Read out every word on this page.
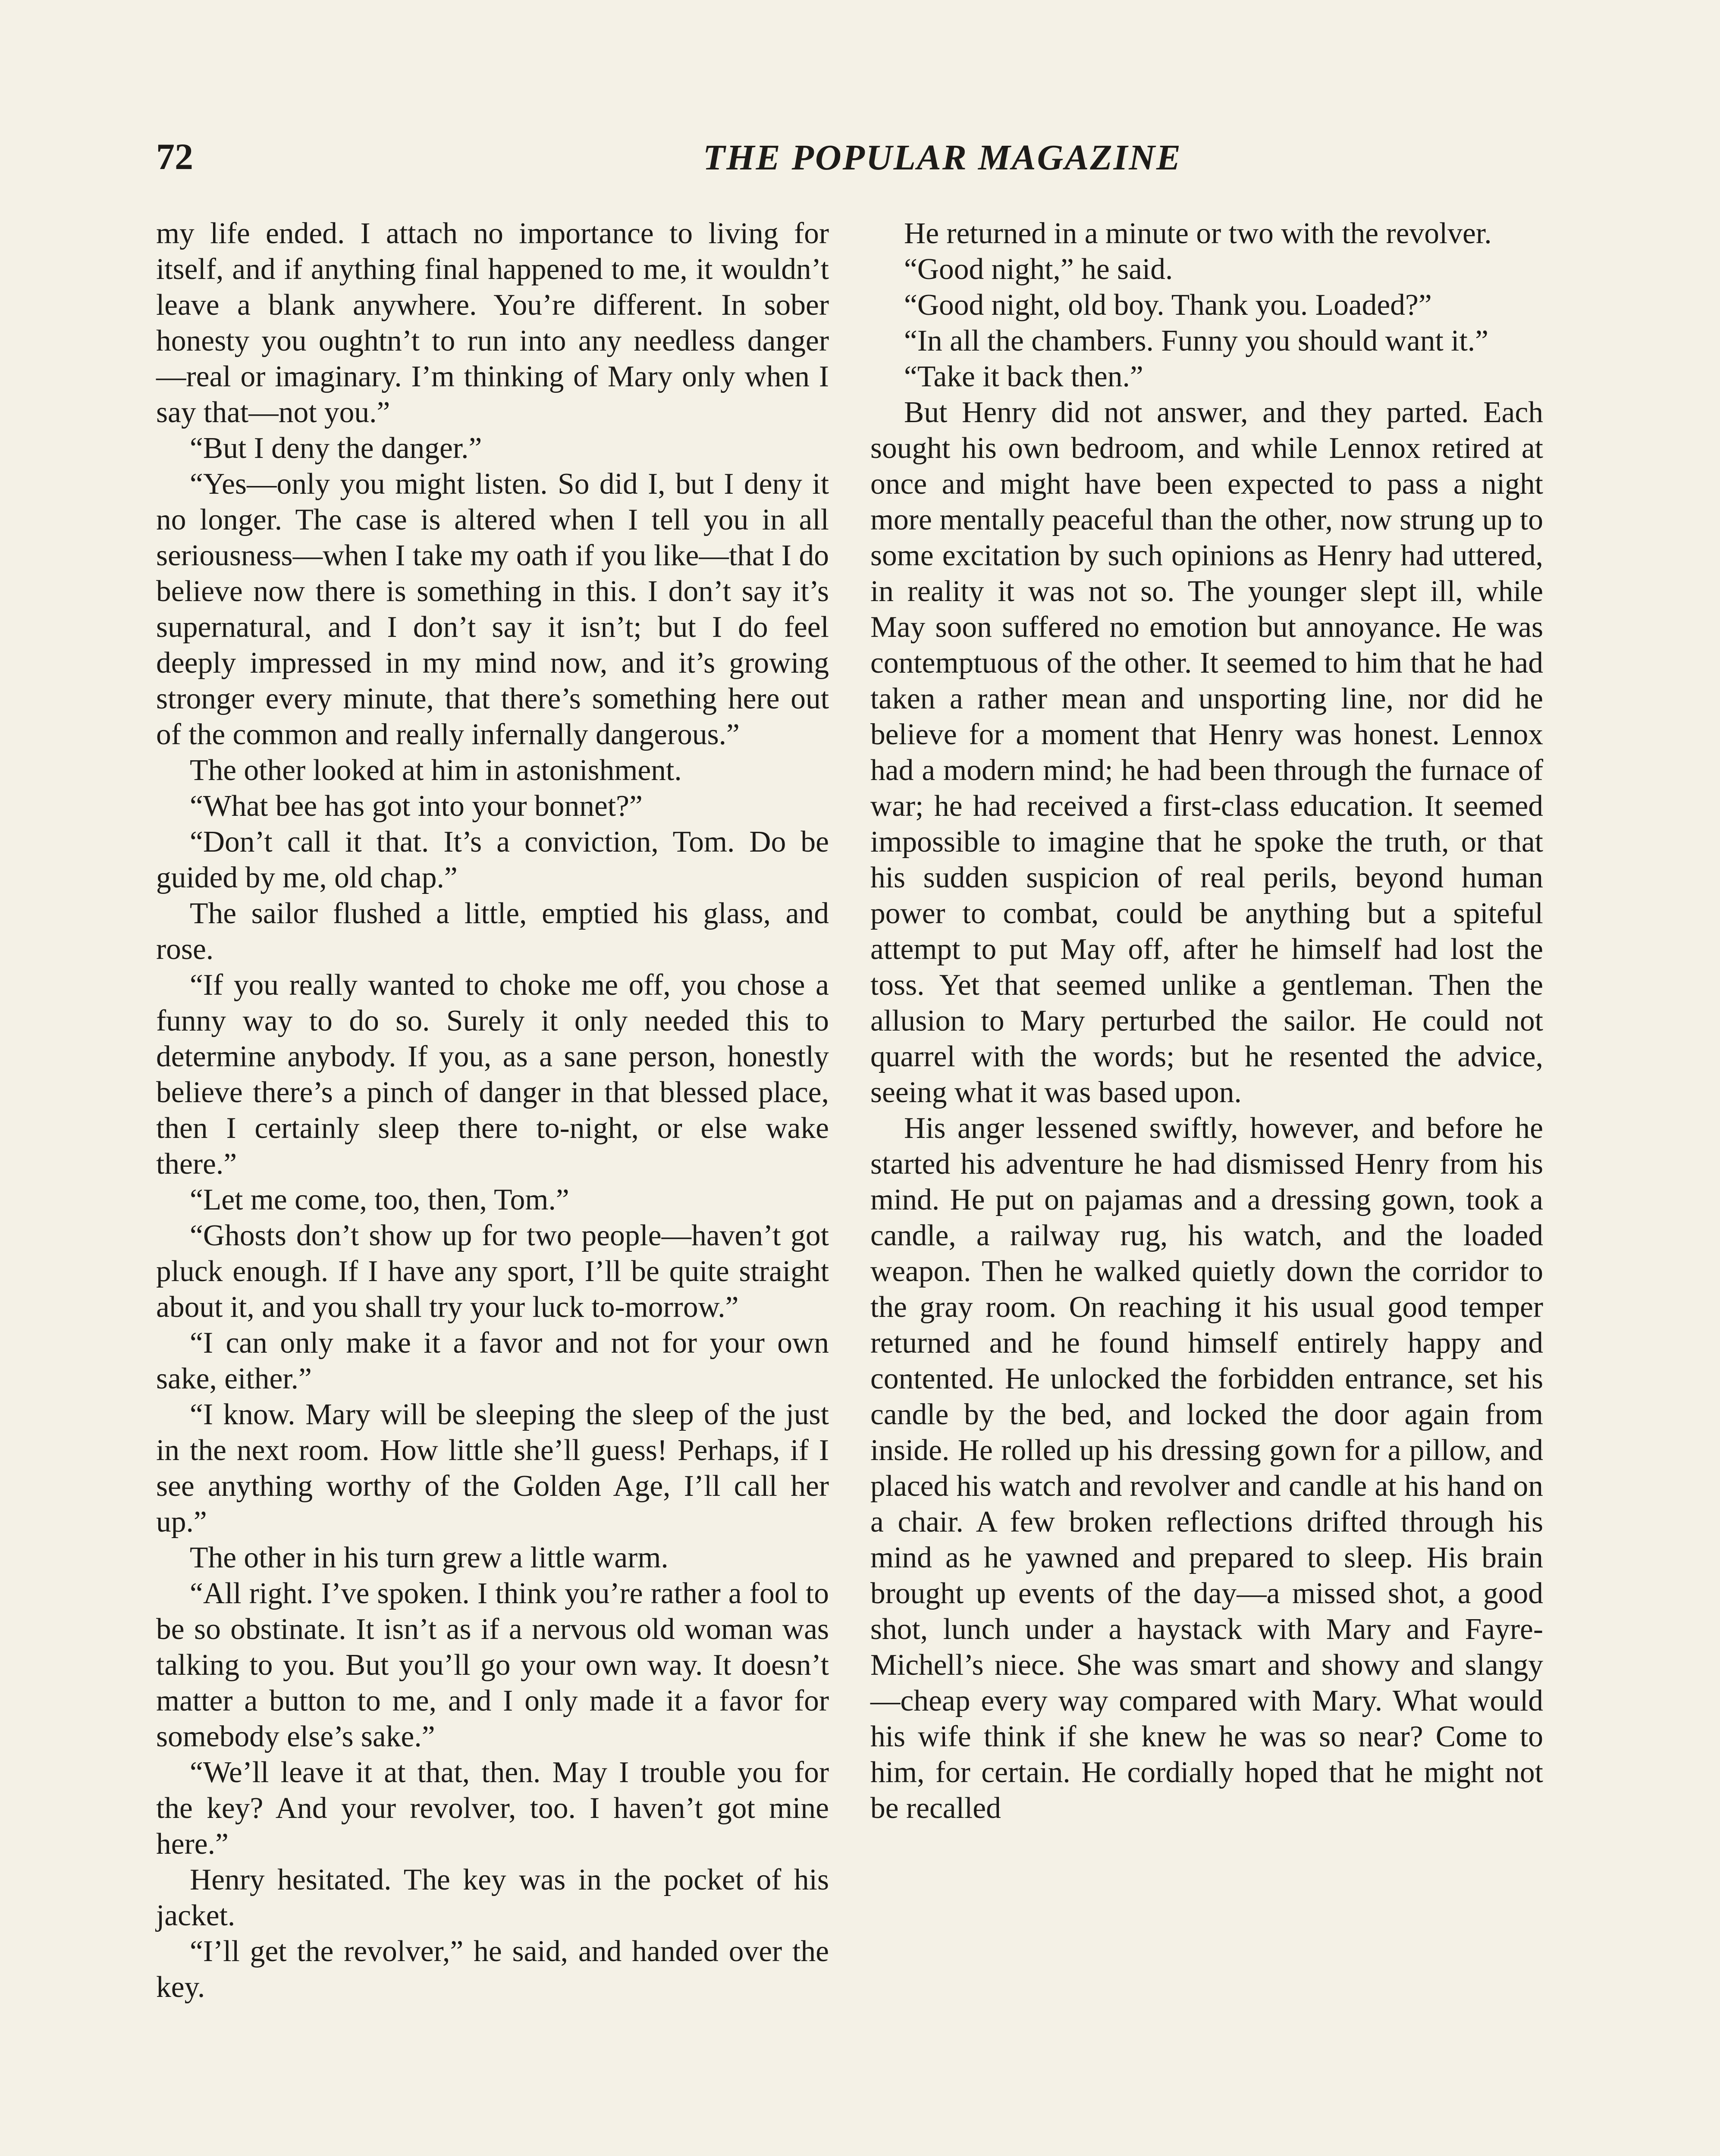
72	THE POPULAR MAGAZINE

my life ended. I attach no importance to living for itself, and if anything final happened to me, it wouldn’t leave a blank anywhere. You’re different. In sober honesty you oughtn’t to run into any needless danger —real or imaginary. I’m thinking of Mary only when I say that—not you.”

“But I deny the danger.”

“Yes—only you might listen. So did I, but I deny it no longer. The case is altered when I tell you in all seriousness—when I take my oath if you like—that I do believe now there is something in this. I don’t say it’s supernatural, and I don’t say it isn’t; but I do feel deeply impressed in my mind now, and it’s growing stronger every minute, that there’s something here out of the common and really infernally dangerous.”

The other looked at him in astonishment.

“What bee has got into your bonnet?”

“Don’t call it that. It’s a conviction, Tom. Do be guided by me, old chap.”

The sailor flushed a little, emptied his glass, and rose.

“If you really wanted to choke me off, you chose a funny way to do so. Surely it only needed this to determine anybody. If you, as a sane person, honestly believe there’s a pinch of danger in that blessed place, then I certainly sleep there to-night, or else wake there.”

“Let me come, too, then, Tom.”

“Ghosts don’t show up for two people—haven’t got pluck enough. If I have any sport, I’ll be quite straight about it, and you shall try your luck to-morrow.”

“I can only make it a favor and not for your own sake, either.”

“I know. Mary will be sleeping the sleep of the just in the next room. How little she’ll guess! Perhaps, if I see anything worthy of the Golden Age, I’ll call her up.”

The other in his turn grew a little warm.

“All right. I’ve spoken. I think you’re rather a fool to be so obstinate. It isn’t as if a nervous old woman was talking to you. But you’ll go your own way. It doesn’t matter a button to me, and I only made it a favor for somebody else’s sake.”

“We’ll leave it at that, then. May I trouble you for the key? And your revolver, too. I haven’t got mine here.”

Henry hesitated. The key was in the pocket of his jacket.

“I’ll get the revolver,” he said, and handed over the key.

He returned in a minute or two with the revolver.

“Good night,” he said.

“Good night, old boy. Thank you. Loaded?”

“In all the chambers. Funny you should want it.”

“Take it back then.”

But Henry did not answer, and they parted. Each sought his own bedroom, and while Lennox retired at once and might have been expected to pass a night more mentally peaceful than the other, now strung up to some excitation by such opinions as Henry had uttered, in reality it was not so. The younger slept ill, while May soon suffered no emotion but annoyance. He was contemptuous of the other. It seemed to him that he had taken a rather mean and unsporting line, nor did he believe for a moment that Henry was honest. Lennox had a modern mind; he had been through the furnace of war; he had received a first-class education. It seemed impossible to imagine that he spoke the truth, or that his sudden suspicion of real perils, beyond human power to combat, could be anything but a spiteful attempt to put May off, after he himself had lost the toss. Yet that seemed unlike a gentleman. Then the allusion to Mary perturbed the sailor. He could not quarrel with the words; but he resented the advice, seeing what it was based upon.

His anger lessened swiftly, however, and before he started his adventure he had dismissed Henry from his mind. He put on pajamas and a dressing gown, took a candle, a railway rug, his watch, and the loaded weapon. Then he walked quietly down the corridor to the gray room. On reaching it his usual good temper returned and he found himself entirely happy and contented. He unlocked the forbidden entrance, set his candle by the bed, and locked the door again from inside. He rolled up his dressing gown for a pillow, and placed his watch and revolver and candle at his hand on a chair. A few broken reflections drifted through his mind as he yawned and prepared to sleep. His brain brought up events of the day—a missed shot, a good shot, lunch under a haystack with Mary and Fayre-Michell’s niece. She was smart and showy and slangy—cheap every way compared with Mary. What would his wife think if she knew he was so near? Come to him, for certain. He cordially hoped that he might not be recalled
